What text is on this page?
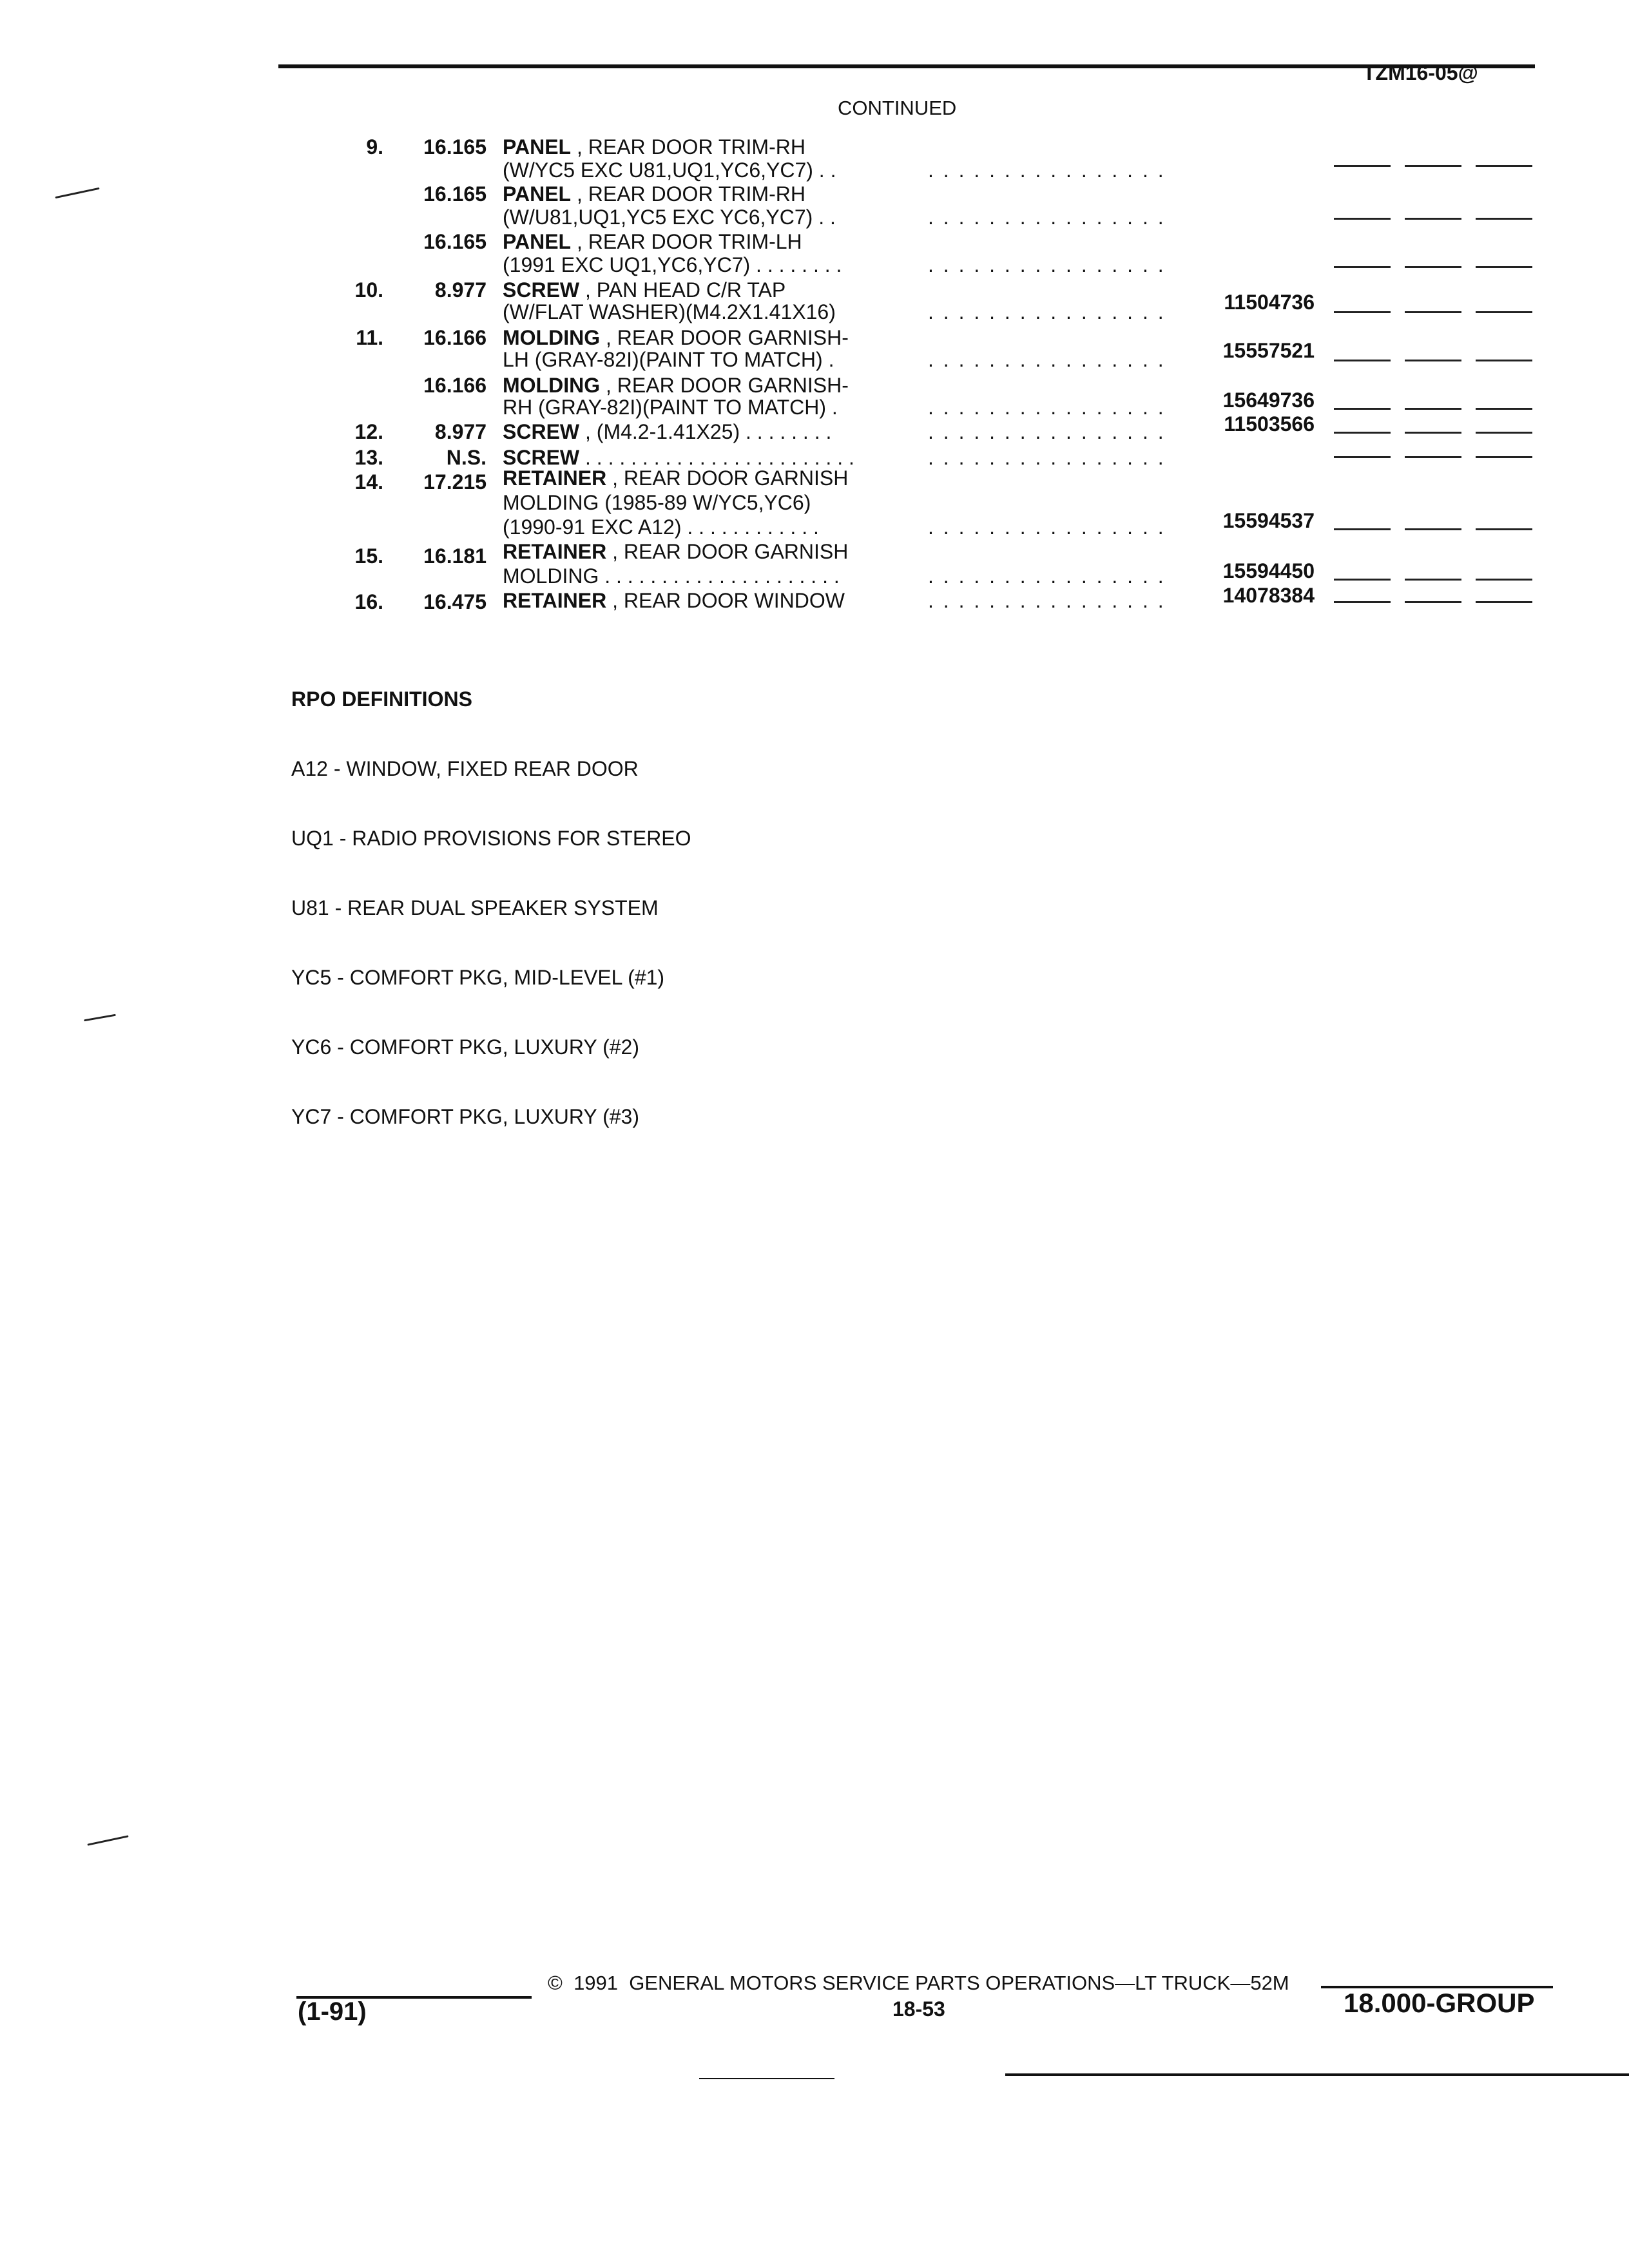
TZM16-05@
CONTINUED
9.	16.165 PANEL , REAR DOOR TRIM-RH
(W/YC5 EXC U81,UQ1,YC6,YC7) . .	. . . . . . . . . . . . . . . .
16.165 PANEL , REAR DOOR TRIM-RH
(W/U81,UQ1,YC5 EXC YC6,YC7) . .	. . . . . . . . . . . . . . . .
16.165 PANEL , REAR DOOR TRIM-LH
(1991 EXC UQ1,YC6,YC7) . . . . . . . .	. . . . . . . . . . . . . . . .
10.	8.977 SCREW , PAN HEAD C/R TAP
(W/FLAT WASHER)(M4.2X1.41X16)	. . . . . . . . . . . . . . . .	11504736
11.	16.166 MOLDING , REAR DOOR GARNISH-
LH (GRAY-82I)(PAINT TO MATCH) .	. . . . . . . . . . . . . . . .	15557521
16.166 MOLDING , REAR DOOR GARNISH-
RH (GRAY-82I)(PAINT TO MATCH) .	. . . . . . . . . . . . . . . .	15649736
12.	8.977 SCREW , (M4.2-1.41X25) . . . . . . . .	. . . . . . . . . . . . . . . .	11503566
13.	N.S. SCREW . . . . . . . . . . . . . . . . . . . . . . . .	. . . . . . . . . . . . . . . .
14.	17.215 RETAINER , REAR DOOR GARNISH
MOLDING (1985-89 W/YC5,YC6)
(1990-91 EXC A12) . . . . . . . . . . . .	. . . . . . . . . . . . . . . .	15594537
15.	16.181 RETAINER , REAR DOOR GARNISH
MOLDING . . . . . . . . . . . . . . . . . . . . .	. . . . . . . . . . . . . . . .	15594450
16.	16.475 RETAINER , REAR DOOR WINDOW	. . . . . . . . . . . . . . . .	14078384

RPO DEFINITIONS

A12 - WINDOW, FIXED REAR DOOR

UQ1 - RADIO PROVISIONS FOR STEREO

U81 - REAR DUAL SPEAKER SYSTEM

YC5 - COMFORT PKG, MID-LEVEL (#1)

YC6 - COMFORT PKG, LUXURY (#2)

YC7 - COMFORT PKG, LUXURY (#3)

©  1991  GENERAL MOTORS SERVICE PARTS OPERATIONS—LT TRUCK—52M
(1-91)	18-53	18.000-GROUP
